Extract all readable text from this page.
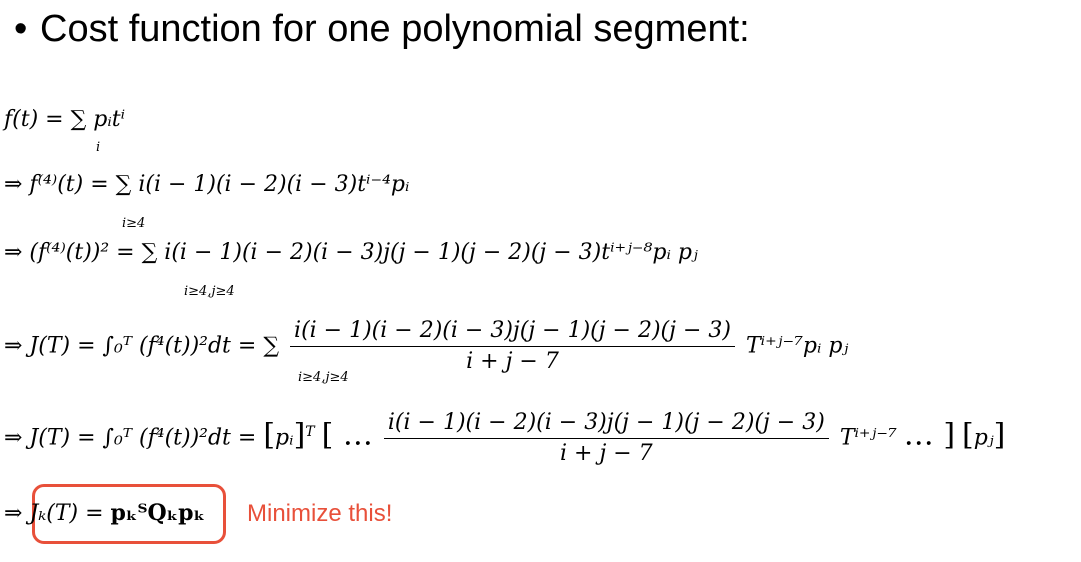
• Cost function for one polynomial segment:
f(t) = ∑ pᵢtⁱ
i
⇒ f⁽⁴⁾(t) = ∑ i(i − 1)(i − 2)(i − 3)tⁱ⁻⁴pᵢ
i≥4
⇒ (f⁽⁴⁾(t))² = ∑ i(i − 1)(i − 2)(i − 3)j(j − 1)(j − 2)(j − 3)tⁱ⁺ʲ⁻⁸pᵢ pⱼ
i≥4,j≥4
⇒ J(T) = ∫₀ᵀ (f⁴(t))²dt = ∑ $\frac{i(i - 1)(i - 2)(i - 3)j(j - 1)(j - 2)(j - 3)}{i + j - 7}$ Tⁱ⁺ʲ⁻⁷pᵢ pⱼ
i≥4,j≥4
⇒ J(T) = ∫₀ᵀ (f⁴(t))²dt = [pᵢ]$^T$ [ … $\frac{i(i - 1)(i - 2)(i - 3)j(j - 1)(j - 2)(j - 3)}{i + j - 7}$ Tⁱ⁺ʲ⁻⁷ … ] [pⱼ]
⇒ Jₖ(T) = pₖᵀQₖpₖ Minimize this!
